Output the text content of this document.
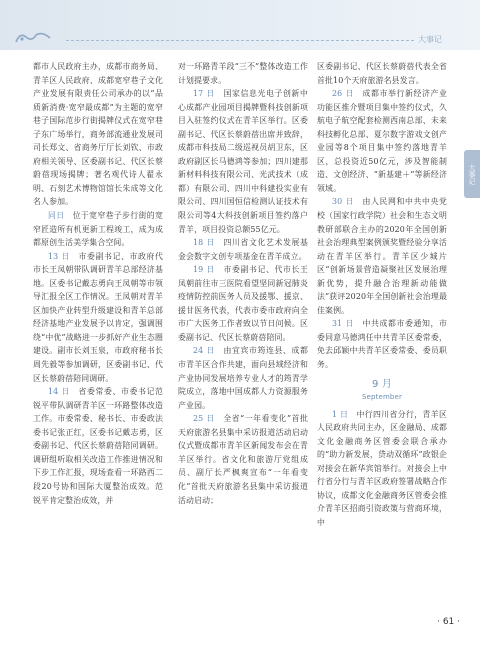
大事记
大事记

都市人民政府主办，成都市商务局、青羊区人民政府、成都宽窄巷子文化产业发展有限责任公司承办的以“品质新消费·宽窄最成都”为主题的宽窄巷子国际范步行街揭牌仪式在宽窄巷子东广场举行，商务部流通业发展司司长郑文、省商务厅厅长刘钦、市政府相关领导、区委副书记、代区长蔡蔚蓓现场揭牌；著名观代诗人翟永明、石刻艺术博物馆馆长朱成等文化名人参加。

同日  位于宽窄巷子步行街的宽窄匠造所有机更新工程竣工，成为成都原创生活美学集合空间。

13 日  市委副书记、市政府代市长王凤朝带队调研青羊总部经济基地。区委书记戴志勇向王凤朝等市领导汇报全区工作情况。王凤朝对青羊区加快产业转型升级建设和青羊总部经济基地产业发展予以肯定，强调围绕“中优”战略进一步抓好产业生态圈建设。副市长刘玉泉，市政府秘书长周先毅等参加调研，区委副书记、代区长蔡蔚蓓陪同调研。

14 日  省委常委、市委书记范锐平带队调研青羊区一环路整体改造工作。市委常委、秘书长、市委政法委书记张正红，区委书记戴志勇，区委副书记、代区长蔡蔚蓓陪同调研。调研组听取相关改造工作推进情况和下步工作汇报，现场查看一环路西二段20号协和国际大厦整治成效。范锐平肯定整治成效，并

对一环路青羊段“三不”整体改造工作计划提要求。

17 日  国家信息光电子创新中心成都产业园项目揭牌暨科技创新项目入驻签约仪式在青羊区举行。区委副书记、代区长蔡蔚蓓出席并致辞，成都市科技局二级巡视员胡卫东，区政府副区长马德鸿等参加；四川建那新材料科技有限公司、光武技术（成都）有限公司、四川中科建投实业有限公司、四川国恒信检测认证技术有限公司等4大科技创新项目签约落户青羊，项目投资总额55亿元。

18 日  四川省文化艺术发展基金会数字文创专项基金在青羊成立。

19 日  市委副书记、代市长王凤朝前往市三医院看望坚同新冠肺炎疫情防控前医务人员及援鄂、援京、援甘医务代表，代表市委市政府向全市广大医务工作者致以节日问候。区委副书记、代区长蔡蔚蓓陪同。

24 日  由宜宾市筠连县、成都市青羊区合作共建，面向县域经济和产业协同发展培养专业人才的筠青学院成立，落地中国成都人力资源服务产业园。

25 日  全省“一年看变化”首批天府旅游名县集中采访报道活动启动仪式暨成都市青羊区新闻发布会在青羊区举行。省文化和旅游厅党组成员、副厅长严枫爽宣布“一年看变化”首批天府旅游名县集中采访报道活动启动；

区委副书记、代区长蔡蔚蓓代表全省首批10个天府旅游名县发言。

26 日  成都市举行新经济产业功能区推介暨项目集中签约仪式，久航电子航空配套检测西南总部、未来科技孵化总部、夏尔数字游戏文创产业园等8个项目集中签约落地青羊区，总投资近50亿元，涉及智能制造、文创经济、“新基建＋”等新经济领域。

30 日  由人民网和中共中央党校（国家行政学院）社会和生态文明教研部联合主办的2020年全国创新社会治理典型案例颁奖暨经验分享活动在青羊区举行。青羊区少城片区“创新场景营造凝聚社区发展治理新优势，提升融合治理新动能做法”获评2020年全国创新社会治理最佳案例。

31 日  中共成都市委通知，市委同意马德鸿任中共青羊区委常委，免去邱颖中共青羊区委常委、委员职务。

9 月
September

1 日  中行四川省分行，青羊区人民政府共同主办，区金融局、成都文化金融商务区管委会联合承办的“助力新发展，贷动双循环”政银企对接会在新华宾馆举行。对接会上中行省分行与青羊区政府签署战略合作协议，成都文化金融商务区管委会推介青羊区招商引资政策与营商环境，中

· 61 ·
